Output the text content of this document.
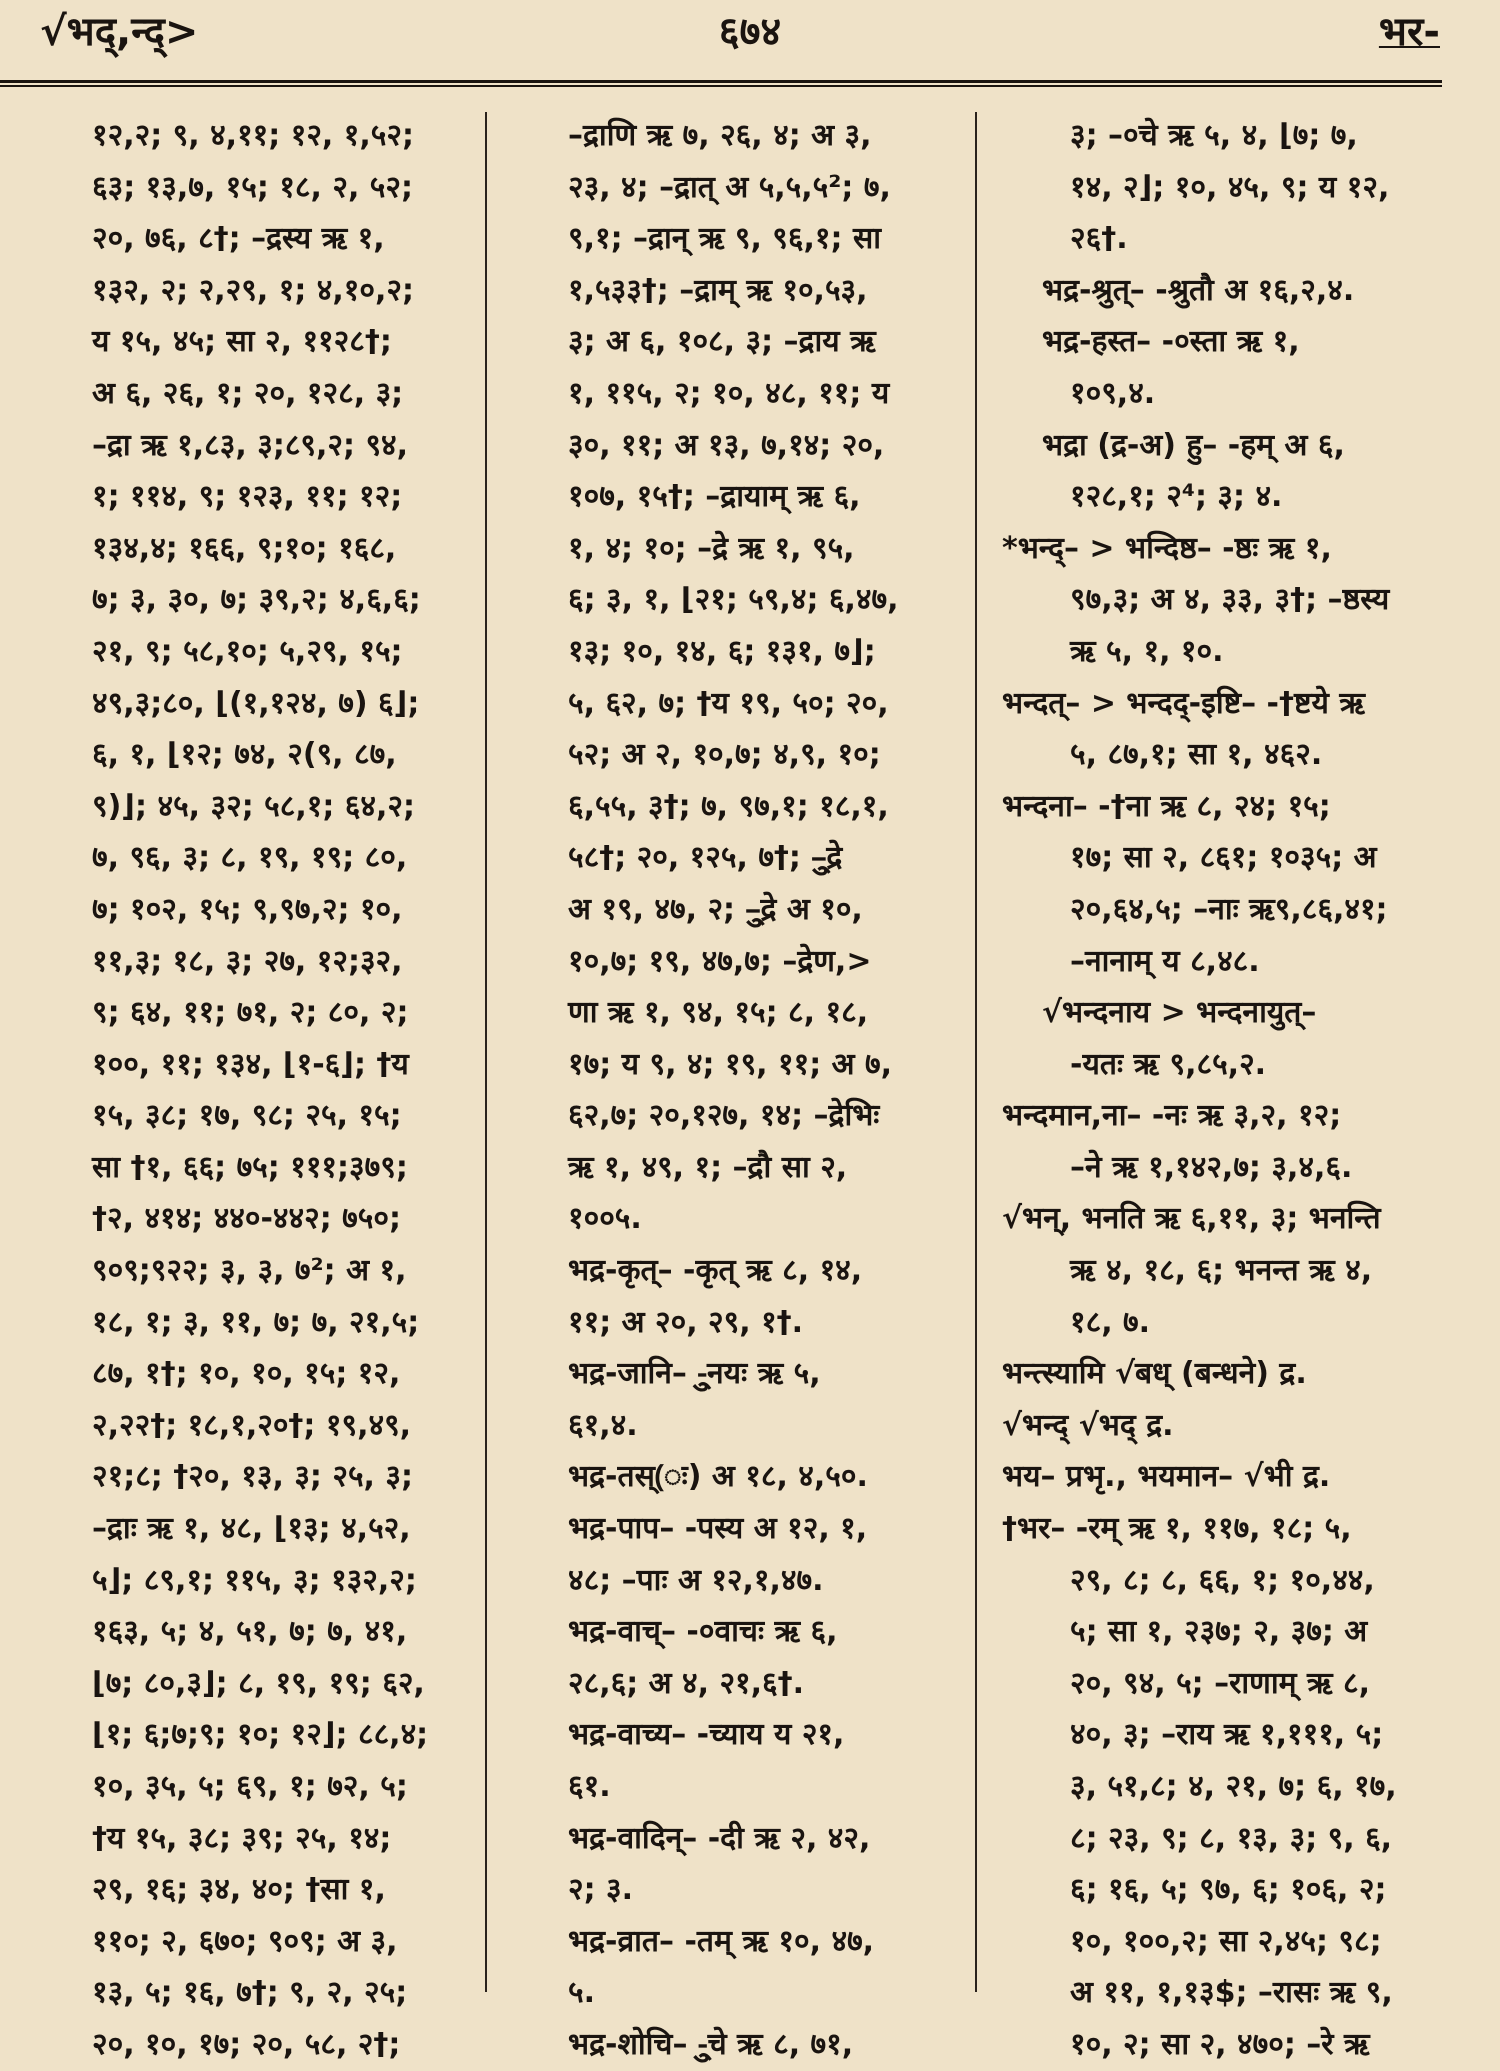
√भद्,न्द्>	६७४	भर-
१२,२; ९, ४,११; १२, १,५२;
६३; १३,७, १५; १८, २, ५२;
२०, ७६, ८†; –द्रस्य ऋ १,
१३२, २; २,२९, १; ४,१०,२;
य १५, ४५; सा २, ११२८†;
अ ६, २६, १; २०, १२८, ३;
–द्रा ऋ १,८३, ३;८९,२; ९४,
१; ११४, ९; १२३, ११; १२;
१३४,४; १६६, ९;१०; १६८,
७; ३, ३०, ७; ३९,२; ४,६,६;
२१, ९; ५८,१०; ५,२९, १५;
४९,३;८०, ⌊(१,१२४, ७) ६⌋;
६, १, ⌊१२; ७४, २(९, ८७,
९)⌋; ४५, ३२; ५८,१; ६४,२;
७, ९६, ३; ८, १९, १९; ८०,
७; १०२, १५; ९,९७,२; १०,
११,३; १८, ३; २७, १२;३२,
९; ६४, ११; ७१, २; ८०, २;
१००, ११; १३४, ⌊१-६⌋; †य
१५, ३८; १७, ९८; २५, १५;
सा †१, ६६; ७५; १११;३७९;
†२, ४१४; ४४०-४४२; ७५०;
९०९;९२२; ३, ३, ७²; अ १,
१८, १; ३, ११, ७; ७, २१,५;
८७, १†; १०, १०, १५; १२,
२,२२†; १८,१,२०†; १९,४९,
२१;८; †२०, १३, ३; २५, ३;
–द्राः ऋ १, ४८, ⌊१३; ४,५२,
५⌋; ८९,१; ११५, ३; १३२,२;
१६३, ५; ४, ५१, ७; ७, ४१,
⌊७; ८०,३⌋; ८, १९, १९; ६२,
⌊१; ६;७;९; १०; १२⌋; ८८,४;
१०, ३५, ५; ६९, १; ७२, ५;
†य १५, ३८; ३९; २५, १४;
२९, १६; ३४, ४०; †सा १,
११०; २, ६७०; ९०९; अ ३,
१३, ५; १६, ७†; ९, २, २५;
२०, १०, १७; २०, ५८, २†;
–द्राणि ऋ ७, २६, ४; अ ३,
२३, ४; –द्रात् अ ५,५,५²; ७,
९,१; –द्रान् ऋ ९, ९६,१; सा
१,५३३†; –द्राम् ऋ १०,५३,
३; अ ६, १०८, ३; –द्राय ऋ
१, ११५, २; १०, ४८, ११; य
३०, ११; अ १३, ७,१४; २०,
१०७, १५†; –द्रायाम् ऋ ६,
१, ४; १०; –द्रे ऋ १, ९५,
६; ३, १, ⌊२१; ५९,४; ६,४७,
१३; १०, १४, ६; १३१, ७⌋;
५, ६२, ७; †य १९, ५०; २०,
५२; अ २, १०,७; ४,९, १०;
६,५५, ३†; ७, ९७,१; १८,१,
५८†; २०, १२५, ७†; –ु्द्रे
अ १९, ४७, २; –ु्द्रे अ १०,
१०,७; १९, ४७,७; –द्रेण,>
णा ऋ १, ९४, १५; ८, १८,
१७; य ९, ४; १९, ११; अ ७,
६२,७; २०,१२७, १४; –द्रेभिः
ऋ १, ४९, १; –द्रौ सा २,
१००५.
भद्र-कृत्– -कृत् ऋ ८, १४,
११; अ २०, २९, १†.
भद्र-जानि– -ु्नयः ऋ ५,
६१,४.
भद्र-तस्(ः) अ १८, ४,५०.
भद्र-पाप– -पस्य अ १२, १,
४८; –पाः अ १२,१,४७.
भद्र-वाच्– -०वाचः ऋ ६,
२८,६; अ ४, २१,६†.
भद्र-वाच्य– -च्याय य २१,
६१.
भद्र-वादिन्– -दी ऋ २, ४२,
२; ३.
भद्र-व्रात– -तम् ऋ १०, ४७,
५.
भद्र-शोचि– -ु्चे ऋ ८, ७१,
३; –०चे ऋ ५, ४, ⌊७; ७,
१४, २⌋; १०, ४५, ९; य १२,
२६†.
भद्र-श्रुत्– -श्रुतौ अ १६,२,४.
भद्र-हस्त– -०स्ता ऋ १,
१०९,४.
भद्रा (द्र-अ) हु– -हम् अ ६,
१२८,१; २⁴; ३; ४.
*भन्द्– > भन्दिष्ठ– -ष्ठः ऋ १,
९७,३; अ ४, ३३, ३†; –ष्ठस्य
ऋ ५, १, १०.
भन्दत्– > भन्दद्-इष्टि– -†ष्टये ऋ
५, ८७,१; सा १, ४६२.
भन्दना– -†ना ऋ ८, २४; १५;
१७; सा २, ८६१; १०३५; अ
२०,६४,५; –नाः ऋ९,८६,४१;
–नानाम् य ८,४८.
√भन्दनाय > भन्दनायुत्–
-यतः ऋ ९,८५,२.
भन्दमान,ना– -नः ऋ ३,२, १२;
–ने ऋ १,१४२,७; ३,४,६.
√भन्, भनति ऋ ६,११, ३; भनन्ति
ऋ ४, १८, ६; भनन्त ऋ ४,
१८, ७.
भन्त्स्यामि √बध् (बन्धने) द्र.
√भन्द् √भद् द्र.
भय– प्रभृ., भयमान– √भी द्र.
†भर– -रम् ऋ १, ११७, १८; ५,
२९, ८; ८, ६६, १; १०,४४,
५; सा १, २३७; २, ३७; अ
२०, ९४, ५; –राणाम् ऋ ८,
४०, ३; –राय ऋ १,१११, ५;
३, ५१,८; ४, २१, ७; ६, १७,
८; २३, ९; ८, १३, ३; ९, ६,
६; १६, ५; ९७, ६; १०६, २;
१०, १००,२; सा २,४५; ९८;
अ ११, १,१३$; –रासः ऋ ९,
१०, २; सा २, ४७०; –रे ऋ
